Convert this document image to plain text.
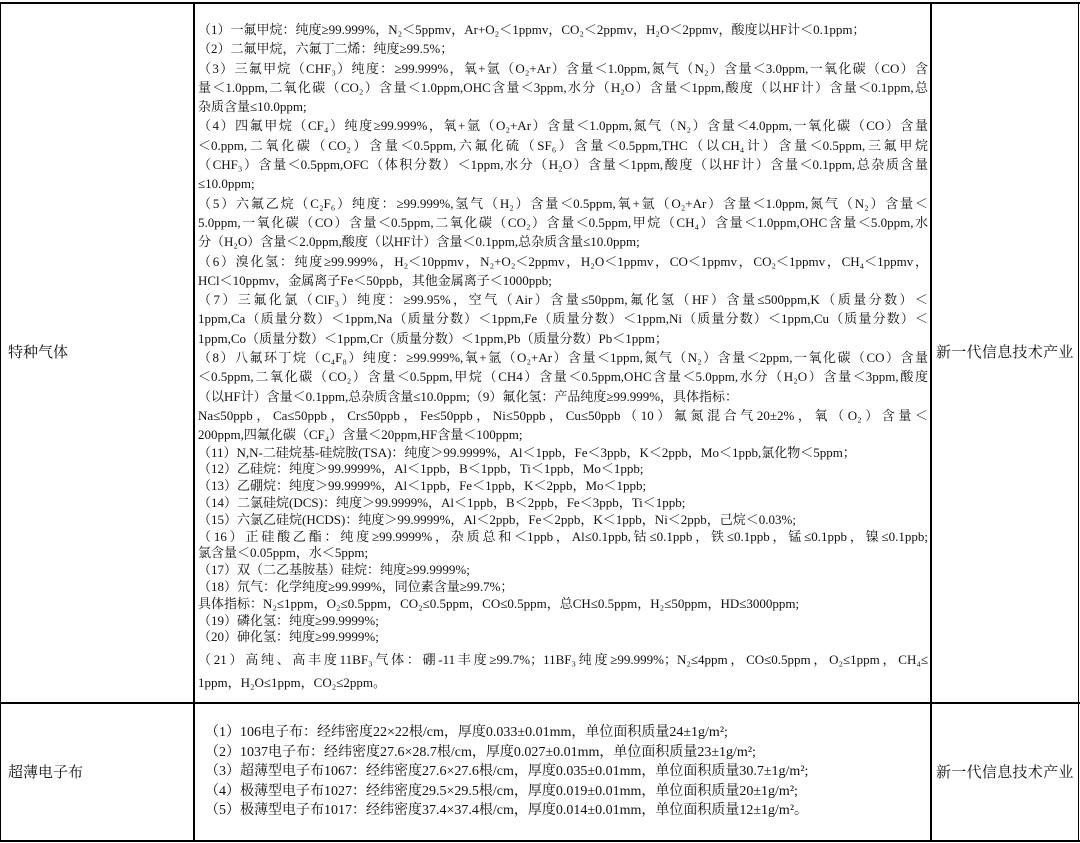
特种气体	新一代信息技术产业
（1）一氟甲烷：纯度≥99.999%，N₂＜5ppmv，Ar+O₂＜1ppmv，CO₂＜2ppmv，H₂O＜2ppmv，酸度以HF计＜0.1ppm；
（2）二氟甲烷，六氟丁二烯：纯度≥99.5%；
（3）三氟甲烷（CHF₃）纯度：≥99.999%，氧+氩（O₂+Ar）含量＜1.0ppm,氮气（N₂）含量＜3.0ppm,一氧化碳（CO）含
量＜1.0ppm,二氧化碳（CO₂）含量＜1.0ppm,OHC含量＜3ppm,水分（H₂O）含量＜1ppm,酸度（以HF计）含量＜0.1ppm,总
杂质含量≤10.0ppm;
（4）四氟甲烷（CF₄）纯度≥99.999%，氧+氩（O₂+Ar）含量＜1.0ppm,氮气（N₂）含量＜4.0ppm,一氧化碳（CO）含量
＜0.ppm,二氧化碳（CO₂）含量＜0.5ppm,六氟化硫（SF₆）含量＜0.5ppm,THC（以CH₄计）含量＜0.5ppm,三氟甲烷
（CHF₃）含量＜0.5ppm,OFC（体积分数）＜1ppm,水分（H₂O）含量＜1ppm,酸度（以HF计）含量＜0.1ppm,总杂质含量
≤10.0ppm;
（5）六氟乙烷（C₂F₆）纯度：≥99.999%,氢气（H₂）含量＜0.5ppm,氧+氩（O₂+Ar）含量＜1.0ppm,氮气（N₂）含量＜
5.0ppm,一氧化碳（CO）含量＜0.5ppm,二氧化碳（CO₂）含量＜0.5ppm,甲烷（CH₄）含量＜1.0ppm,OHC含量＜5.0ppm,水
分（H₂O）含量＜2.0ppm,酸度（以HF计）含量＜0.1ppm,总杂质含量≤10.0ppm;
（6）溴化氢：纯度≥99.999%，H₂＜10ppmv，N₂+O₂＜2ppmv，H₂O＜1ppmv，CO＜1ppmv，CO₂＜1ppmv，CH₄＜1ppmv，
HCl＜10ppmv，金属离子Fe＜50ppb，其他金属离子＜1000ppb;
（7）三氟化氯（ClF₃）纯度：≥99.95%，空气（Air）含量≤50ppm,氟化氢（HF）含量≤500ppm,K（质量分数）＜
1ppm,Ca（质量分数）＜1ppm,Na（质量分数）＜1ppm,Fe（质量分数）＜1ppm,Ni（质量分数）＜1ppm,Cu（质量分数）＜
1ppm,Co（质量分数）＜1ppm,Cr（质量分数）＜1ppm,Pb（质量分数）Pb＜1ppm；
（8）八氟环丁烷（C₄F₈）纯度：≥99.999%,氧+氩（O₂+Ar）含量＜1ppm,氮气（N₂）含量＜2ppm,一氧化碳（CO）含量
＜0.5ppm,二氧化碳（CO₂）含量＜0.5ppm,甲烷（CH4）含量＜0.5ppm,OHC含量＜5.0ppm,水分（H₂O）含量＜3ppm,酸度
（以HF计）含量＜0.1ppm,总杂质含量≤10.0ppm;（9）氟化氢：产品纯度≥99.999%，具体指标：
Na≤50ppb，Ca≤50ppb，Cr≤50ppb，Fe≤50ppb，Ni≤50ppb，Cu≤50ppb（10）氟氮混合气20±2%，氧（O₂）含量＜
200ppm,四氟化碳（CF₄）含量＜20ppm,HF含量＜100ppm;
（11）N,N-二硅烷基-硅烷胺(TSA)：纯度＞99.9999%，Al＜1ppb，Fe＜3ppb，K＜2ppb，Mo＜1ppb,氯化物＜5ppm；
（12）乙硅烷：纯度＞99.9999%，Al＜1ppb，B＜1ppb，Ti＜1ppb，Mo＜1ppb;
（13）乙硼烷：纯度＞99.9999%，Al＜1ppb，Fe＜1ppb，K＜2ppb，Mo＜1ppb;
（14）二氯硅烷(DCS)：纯度＞99.9999%，Al＜1ppb，B＜2ppb，Fe＜3ppb，Ti＜1ppb;
（15）六氯乙硅烷(HCDS)：纯度＞99.9999%，Al＜2ppb，Fe＜2ppb，K＜1ppb，Ni＜2ppb，己烷＜0.03%;
（16）正硅酸乙酯：纯度≥99.9999%，杂质总和＜1ppb，Al≤0.1ppb,钴≤0.1ppb，铁≤0.1ppb，锰≤0.1ppb，镍≤0.1ppb;
氯含量＜0.05ppm，水＜5ppm;
（17）双（二乙基胺基）硅烷：纯度≥99.9999%;
（18）氘气：化学纯度≥99.999%，同位素含量≥99.7%；
具体指标：N₂≤1ppm，O₂≤0.5ppm，CO₂≤0.5ppm，CO≤0.5ppm，总CH≤0.5ppm，H₂≤50ppm，HD≤3000ppm;
（19）磷化氢：纯度≥99.9999%;
（20）砷化氢：纯度≥99.9999%;
（21）高纯、高丰度11BF₃气体：硼-11丰度≥99.7%；11BF₃纯度≥99.999%；N₂≤4ppm，CO≤0.5ppm，O₂≤1ppm，CH₄≤
1ppm，H₂O≤1ppm，CO₂≤2ppm。
超薄电子布	新一代信息技术产业
（1）106电子布：经纬密度22×22根/cm，厚度0.033±0.01mm，单位面积质量24±1g/m²;
（2）1037电子布：经纬密度27.6×28.7根/cm，厚度0.027±0.01mm，单位面积质量23±1g/m²;
（3）超薄型电子布1067：经纬密度27.6×27.6根/cm，厚度0.035±0.01mm，单位面积质量30.7±1g/m²;
（4）极薄型电子布1027：经纬密度29.5×29.5根/cm，厚度0.019±0.01mm，单位面积质量20±1g/m²;
（5）极薄型电子布1017：经纬密度37.4×37.4根/cm，厚度0.014±0.01mm，单位面积质量12±1g/m²。
